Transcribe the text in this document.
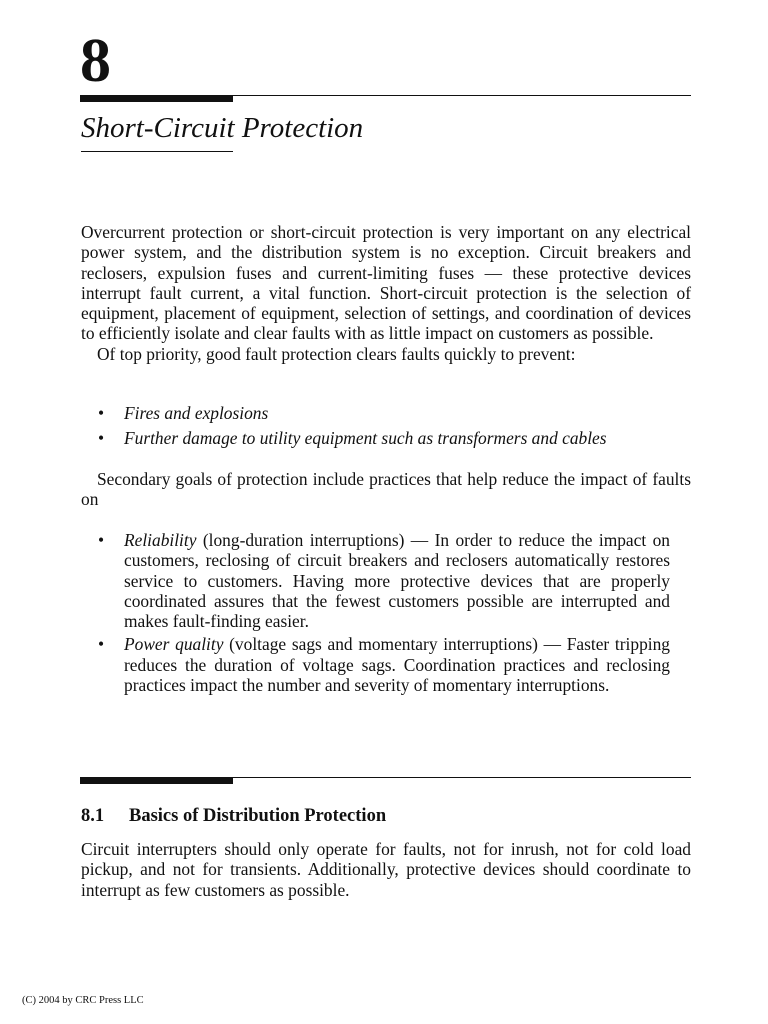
8
Short-Circuit Protection

Overcurrent protection or short-circuit protection is very important on any electrical power system, and the distribution system is no exception. Circuit breakers and reclosers, expulsion fuses and current-limiting fuses — these protective devices interrupt fault current, a vital function. Short-circuit protection is the selection of equipment, placement of equipment, selection of settings, and coordination of devices to efficiently isolate and clear faults with as little impact on customers as possible.

Of top priority, good fault protection clears faults quickly to prevent:

• Fires and explosions
• Further damage to utility equipment such as transformers and cables

Secondary goals of protection include practices that help reduce the impact of faults on

• Reliability (long-duration interruptions) — In order to reduce the impact on customers, reclosing of circuit breakers and reclosers automatically restores service to customers. Having more protective devices that are properly coordinated assures that the fewest customers possible are interrupted and makes fault-finding easier.
• Power quality (voltage sags and momentary interruptions) — Faster tripping reduces the duration of voltage sags. Coordination practices and reclosing practices impact the number and severity of momentary interruptions.
8.1 Basics of Distribution Protection

Circuit interrupters should only operate for faults, not for inrush, not for cold load pickup, and not for transients. Additionally, protective devices should coordinate to interrupt as few customers as possible.

(C) 2004 by CRC Press LLC
